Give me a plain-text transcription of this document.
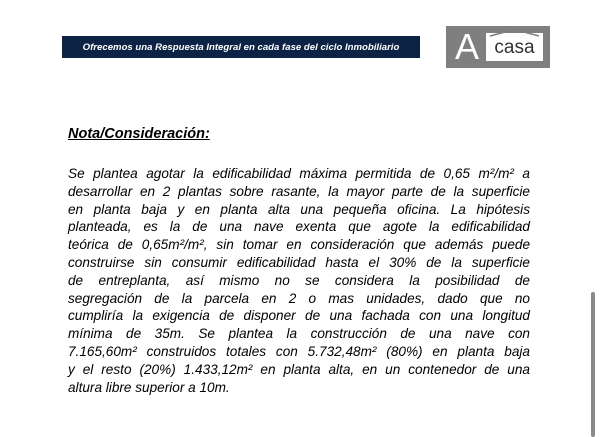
Ofrecemos una Respuesta Integral en cada fase del ciclo Inmobiliario A casa
Nota/Consideración:
Se plantea agotar la edificabilidad máxima permitida de 0,65 m²/m² a
desarrollar en 2 plantas sobre rasante, la mayor parte de la superficie
en planta baja y en planta alta una pequeña oficina. La hipótesis
planteada, es la de una nave exenta que agote la edificabilidad
teórica de 0,65m²/m², sin tomar en consideración que además puede
construirse sin consumir edificabilidad hasta el 30% de la superficie
de entreplanta, así mismo no se considera la posibilidad de
segregación de la parcela en 2 o mas unidades, dado que no
cumpliría la exigencia de disponer de una fachada con una longitud
mínima de 35m. Se plantea la construcción de una nave con
7.165,60m² construidos totales con 5.732,48m² (80%) en planta baja
y el resto (20%) 1.433,12m² en planta alta, en un contenedor de una
altura libre superior a 10m.
